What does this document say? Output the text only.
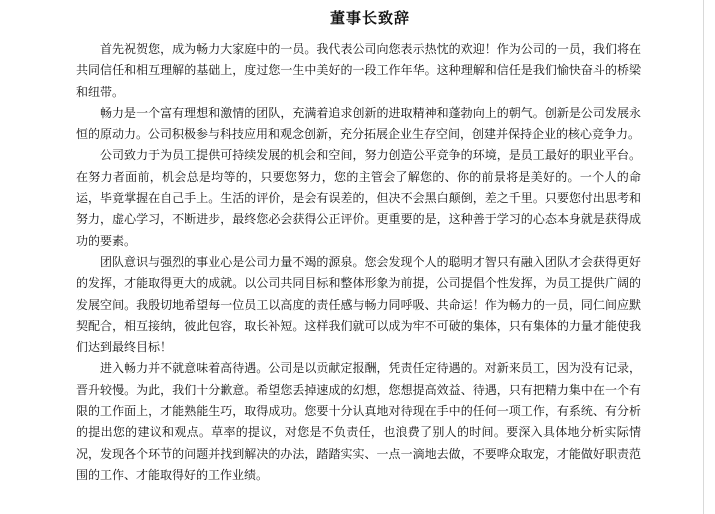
董事长致辞

首先祝贺您，成为畅力大家庭中的一员。我代表公司向您表示热忱的欢迎！作为公司的一员，我们将在共同信任和相互理解的基础上，度过您一生中美好的一段工作年华。这种理解和信任是我们愉快奋斗的桥梁和纽带。

畅力是一个富有理想和激情的团队，充满着追求创新的进取精神和蓬勃向上的朝气。创新是公司发展永恒的原动力。公司积极参与科技应用和观念创新，充分拓展企业生存空间，创建并保持企业的核心竞争力。

公司致力于为员工提供可持续发展的机会和空间，努力创造公平竞争的环境，是员工最好的职业平台。在努力者面前，机会总是均等的，只要您努力，您的主管会了解您的、你的前景将是美好的。一个人的命运，毕竟掌握在自己手上。生活的评价，是会有误差的，但决不会黑白颠倒，差之千里。只要您付出思考和努力，虚心学习，不断进步，最终您必会获得公正评价。更重要的是，这种善于学习的心态本身就是获得成功的要素。

团队意识与强烈的事业心是公司力量不竭的源泉。您会发现个人的聪明才智只有融入团队才会获得更好的发挥，才能取得更大的成就。以公司共同目标和整体形象为前提，公司提倡个性发挥，为员工提供广阔的发展空间。我殷切地希望每一位员工以高度的责任感与畅力同呼吸、共命运！作为畅力的一员，同仁间应默契配合，相互接纳，彼此包容，取长补短。这样我们就可以成为牢不可破的集体，只有集体的力量才能使我们达到最终目标！

进入畅力并不就意味着高待遇。公司是以贡献定报酬，凭责任定待遇的。对新来员工，因为没有记录，晋升较慢。为此，我们十分歉意。希望您丢掉速成的幻想，您想提高效益、待遇，只有把精力集中在一个有限的工作面上，才能熟能生巧，取得成功。您要十分认真地对待现在手中的任何一项工作，有系统、有分析的提出您的建议和观点。草率的提议，对您是不负责任，也浪费了别人的时间。要深入具体地分析实际情况，发现各个环节的问题并找到解决的办法，踏踏实实、一点一滴地去做，不要哗众取宠，才能做好职责范围的工作、才能取得好的工作业绩。
